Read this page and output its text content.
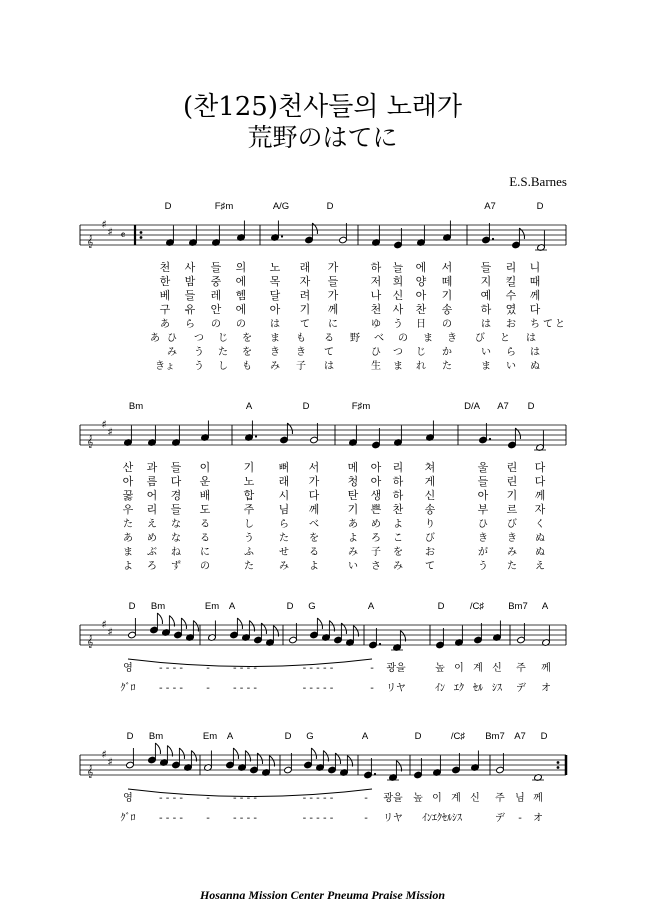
(찬125)천사들의 노래가
荒野のはてに
E.S.Barnes
𝄞
♯
♯ 𝄴
D	F♯m	A/G	D	A7	D
천 사 들 의 노 래 가	하 늘 에 서	들 리 니
한 밤 중 에 목 자 들	저 희 양 떼	지 킬 때
베 들 레 헴 달 려 가	나 신 아 기	예 수 께
구 유 안 에 아 기 께	천 사 찬 송	하 였 다
あ ら の の は て に	ゆ う 日 の	は お ち て と
あ ひ つ じ を ま も る 野 べ の ま き び と は
み う た を き き て	ひ つ じ か	い ら は
きょ う し も み 子 は	生 ま れ た	ま い ぬ
𝄞
♯
♯
Bm	A	D	F♯m	D/A A7 D
산 과 들 이	기 뻐 서	메 아 리 쳐	울 린 다
아 름 다 운	노 래 가	청 아 하 게	들 린 다
꿇 어 경 배	합 시 다	탄 생 하 신	아 기 께
우 리 들 도	주 님 께	기 쁜 찬 송	부 르 자
た え な る	し	ら べ	あ め よ り	ひ び く
あ め な る	う	た を	よ ろ こ び	き き ぬ
ま ぶ ね に	ふ	せ る	み 子 を お	が み ぬ
よ ろ ず の	た	み よ	い さ み て	う た え
𝄞
♯
♯
D Bm	Em A	D G	A	D	/C♯	Bm7 A
영	- - - - - - - - -	- - - - -	- 광을	높 이 계 신 주 께
ｸﾞﾛ - - - - - - - - -	- - - - -	- リヤ	ｲﾝ ｴｸ ｾﾙ ｼｽ デ オ
𝄞
♯
♯
D Bm	Em A	D G	A	D	/C♯ Bm7 A7 D
영	- - - - - - - - -	- - - - -	- 광을 높 이 계 신 주 님 께
ｸﾞﾛ - - - - - - - - -	- - - - -	- リヤ ｲﾝｴｸｾﾙｼｽ	デ - オ
Hosanna Mission Center Pneuma Praise Mission
